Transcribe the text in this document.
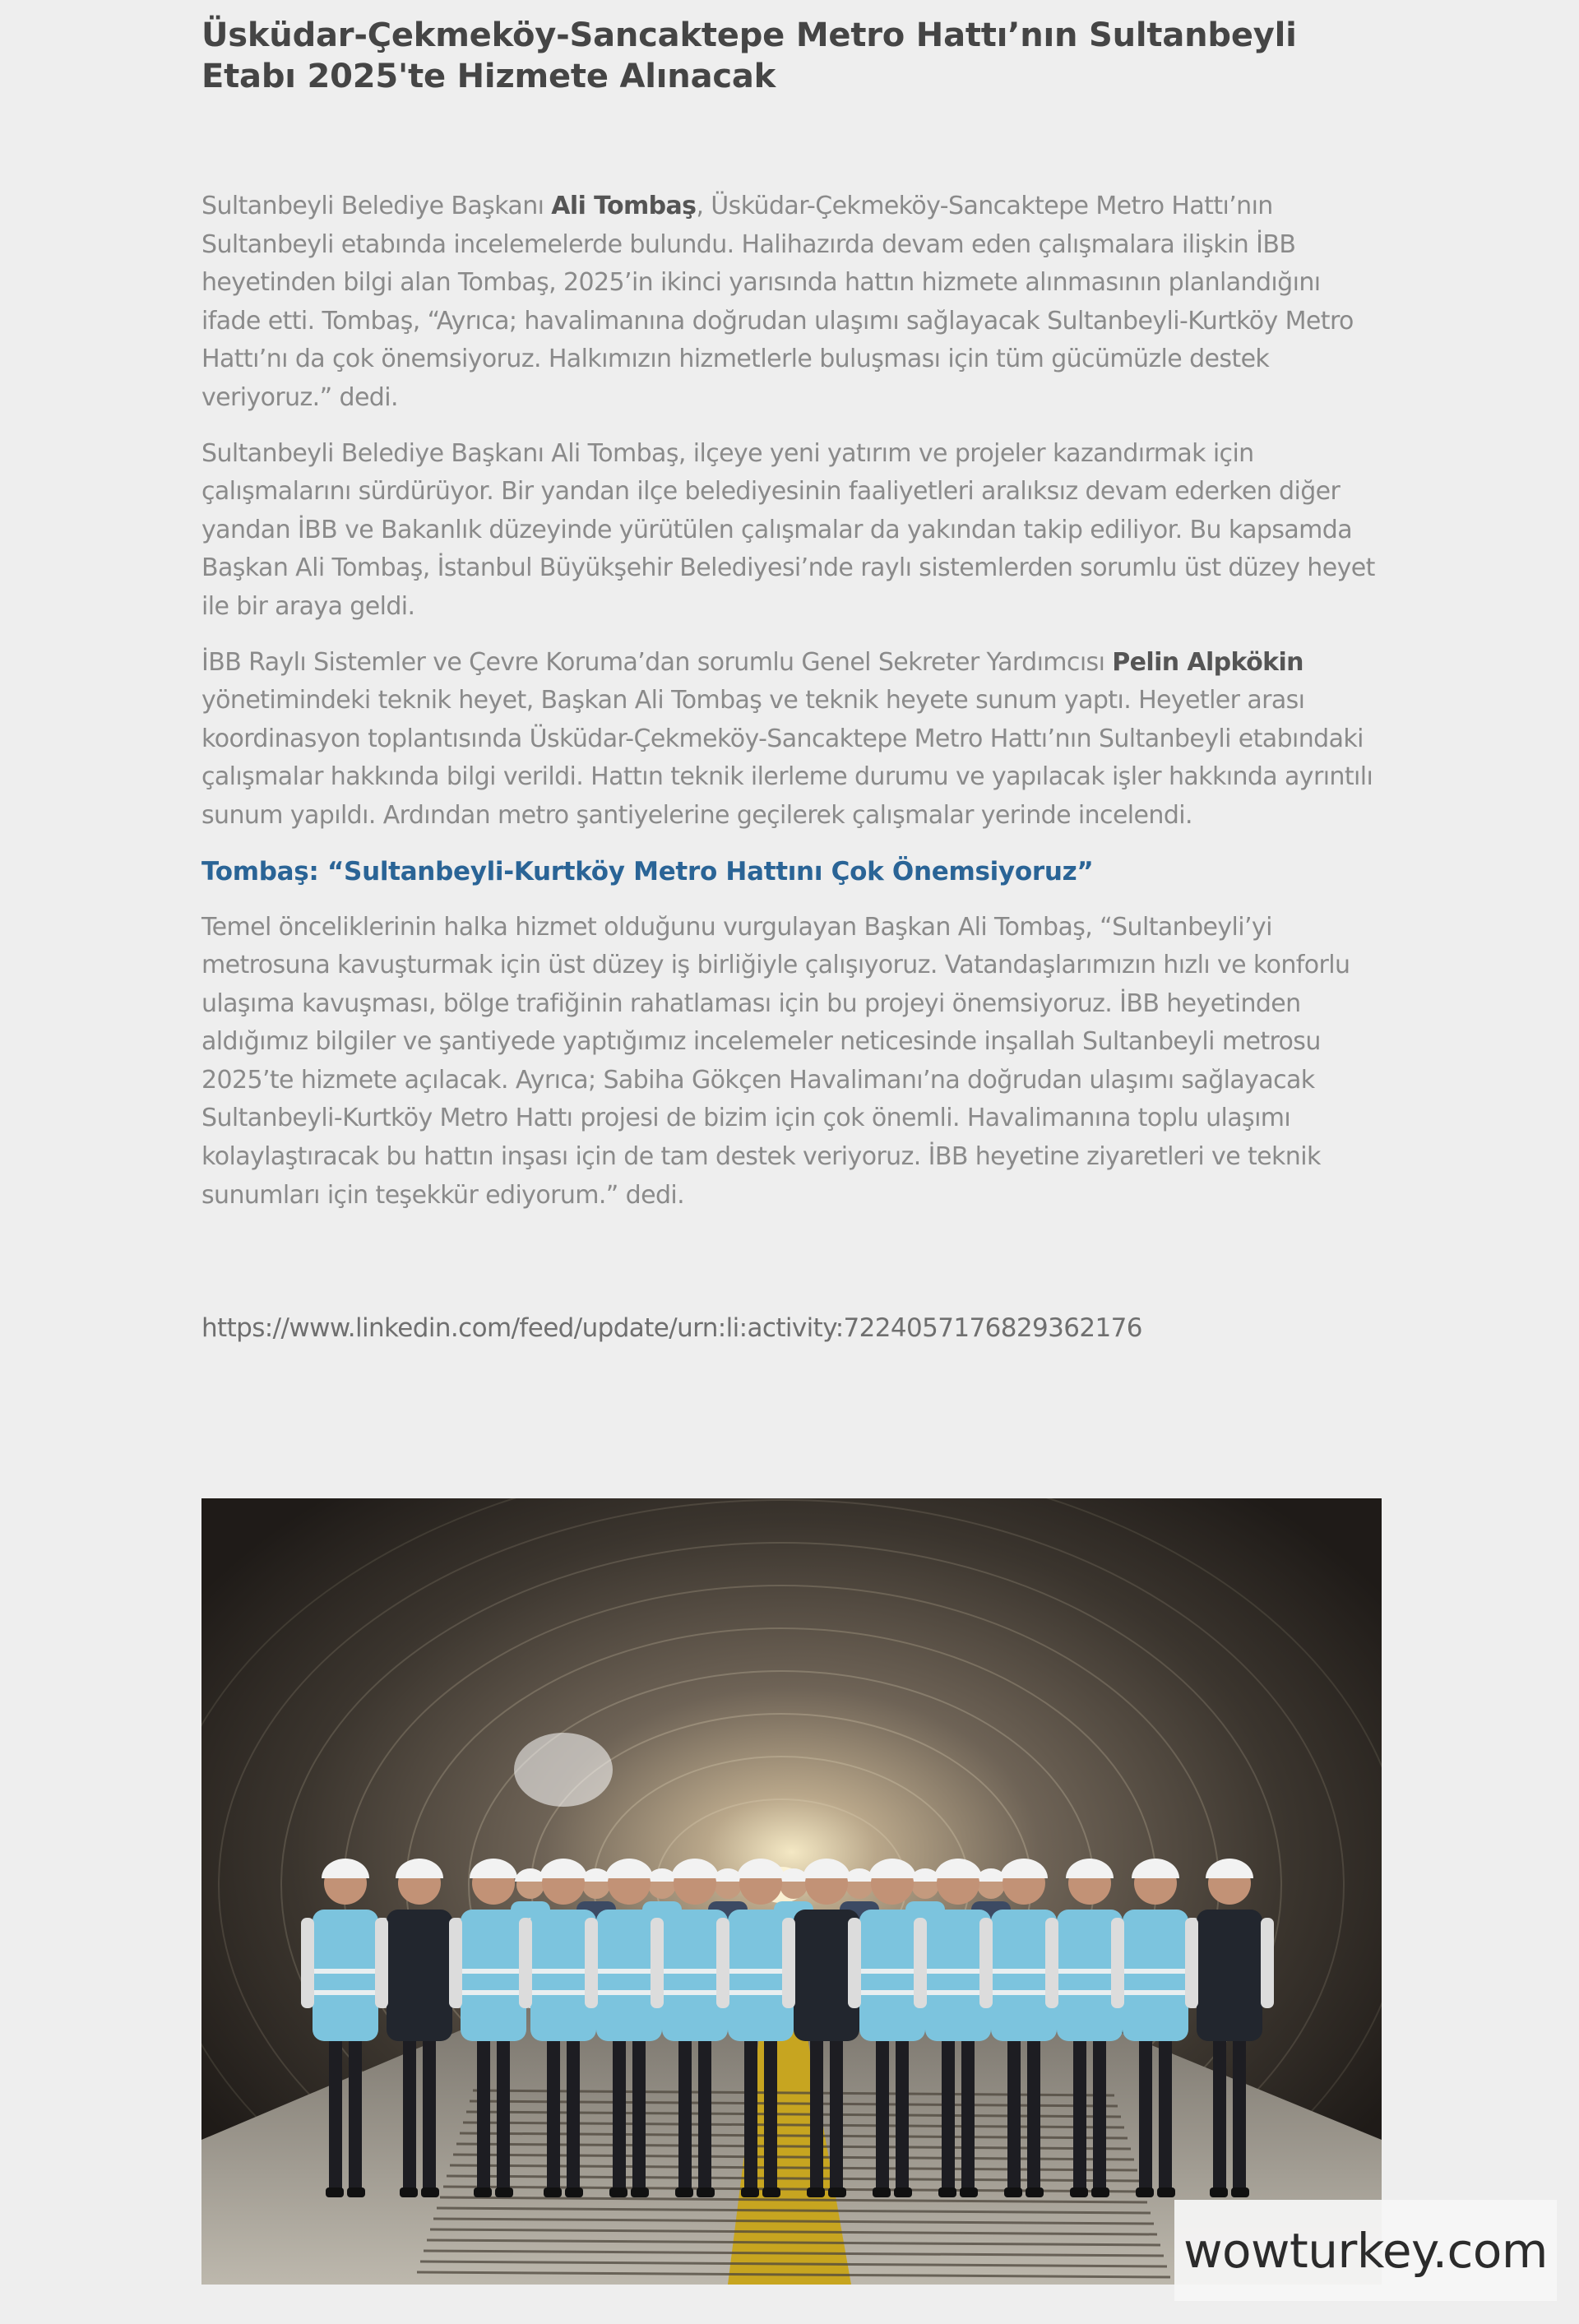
Üsküdar-Çekmeköy-Sancaktepe Metro Hattı’nın Sultanbeyli Etabı 2025'te Hizmete Alınacak

Sultanbeyli Belediye Başkanı Ali Tombaş, Üsküdar-Çekmeköy-Sancaktepe Metro Hattı’nın Sultanbeyli etabında incelemelerde bulundu. Halihazırda devam eden çalışmalara ilişkin İBB heyetinden bilgi alan Tombaş, 2025’in ikinci yarısında hattın hizmete alınmasının planlandığını ifade etti. Tombaş, “Ayrıca; havalimanına doğrudan ulaşımı sağlayacak Sultanbeyli-Kurtköy Metro Hattı’nı da çok önemsiyoruz. Halkımızın hizmetlerle buluşması için tüm gücümüzle destek veriyoruz.” dedi.

Sultanbeyli Belediye Başkanı Ali Tombaş, ilçeye yeni yatırım ve projeler kazandırmak için çalışmalarını sürdürüyor. Bir yandan ilçe belediyesinin faaliyetleri aralıksız devam ederken diğer yandan İBB ve Bakanlık düzeyinde yürütülen çalışmalar da yakından takip ediliyor. Bu kapsamda Başkan Ali Tombaş, İstanbul Büyükşehir Belediyesi’nde raylı sistemlerden sorumlu üst düzey heyet ile bir araya geldi.

İBB Raylı Sistemler ve Çevre Koruma’dan sorumlu Genel Sekreter Yardımcısı Pelin Alpkökin yönetimindeki teknik heyet, Başkan Ali Tombaş ve teknik heyete sunum yaptı. Heyetler arası koordinasyon toplantısında Üsküdar-Çekmeköy-Sancaktepe Metro Hattı’nın Sultanbeyli etabındaki çalışmalar hakkında bilgi verildi. Hattın teknik ilerleme durumu ve yapılacak işler hakkında ayrıntılı sunum yapıldı. Ardından metro şantiyelerine geçilerek çalışmalar yerinde incelendi.

Tombaş: “Sultanbeyli-Kurtköy Metro Hattını Çok Önemsiyoruz”

Temel önceliklerinin halka hizmet olduğunu vurgulayan Başkan Ali Tombaş, “Sultanbeyli’yi metrosuna kavuşturmak için üst düzey iş birliğiyle çalışıyoruz. Vatandaşlarımızın hızlı ve konforlu ulaşıma kavuşması, bölge trafiğinin rahatlaması için bu projeyi önemsiyoruz. İBB heyetinden aldığımız bilgiler ve şantiyede yaptığımız incelemeler neticesinde inşallah Sultanbeyli metrosu 2025’te hizmete açılacak. Ayrıca; Sabiha Gökçen Havalimanı’na doğrudan ulaşımı sağlayacak Sultanbeyli-Kurtköy Metro Hattı projesi de bizim için çok önemli. Havalimanına toplu ulaşımı kolaylaştıracak bu hattın inşası için de tam destek veriyoruz. İBB heyetine ziyaretleri ve teknik sunumları için teşekkür ediyorum.” dedi.

https://www.linkedin.com/feed/update/urn:li:activity:7224057176829362176

wowturkey.com
